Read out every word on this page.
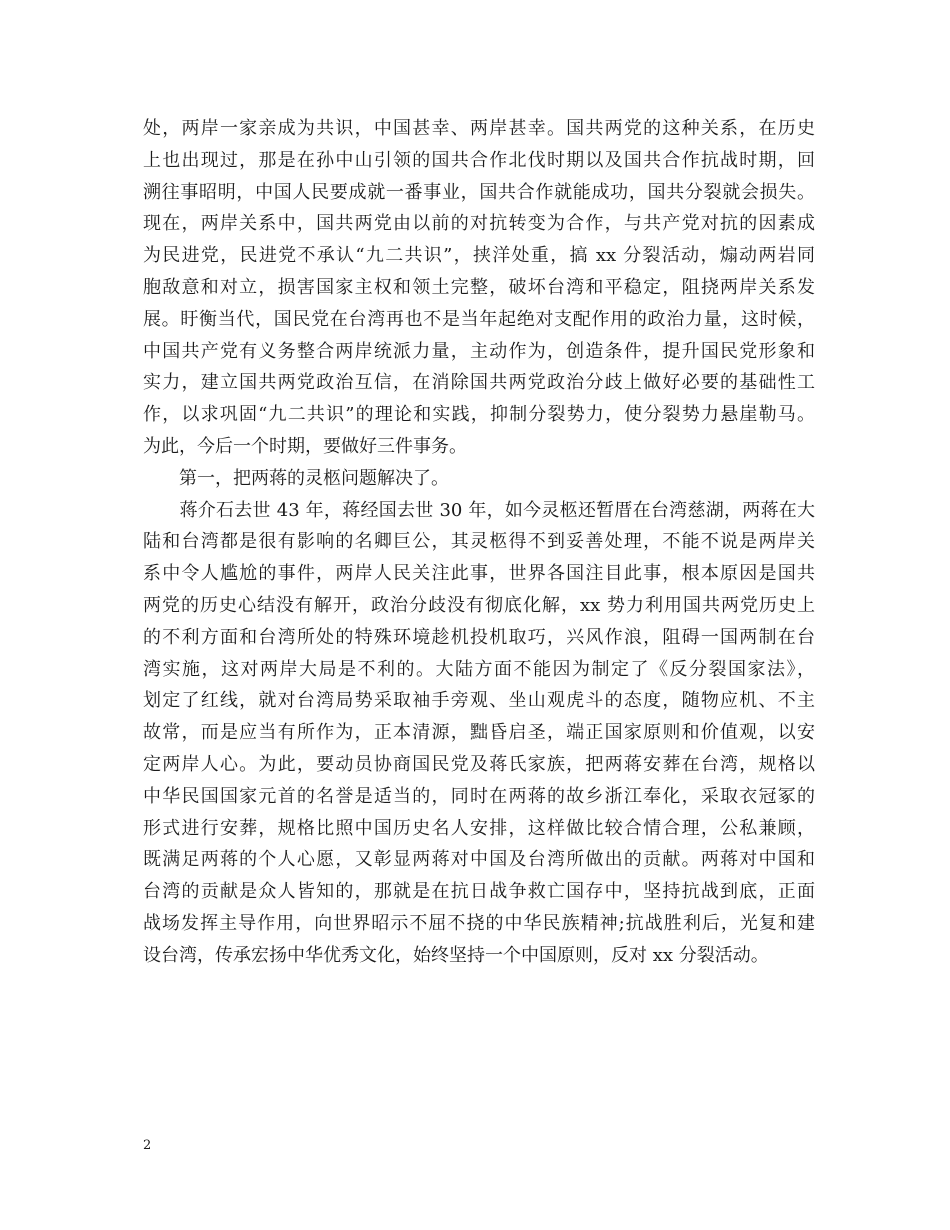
处，两岸一家亲成为共识，中国甚幸、两岸甚幸。国共两党的这种关系，在历史
上也出现过，那是在孙中山引领的国共合作北伐时期以及国共合作抗战时期，回
溯往事昭明，中国人民要成就一番事业，国共合作就能成功，国共分裂就会损失。
现在，两岸关系中，国共两党由以前的对抗转变为合作，与共产党对抗的因素成
为民进党，民进党不承认“九二共识”，挟洋处重，搞 xx 分裂活动，煽动两岩同
胞敌意和对立，损害国家主权和领土完整，破坏台湾和平稳定，阻挠两岸关系发
展。盱衡当代，国民党在台湾再也不是当年起绝对支配作用的政治力量，这时候，
中国共产党有义务整合两岸统派力量，主动作为，创造条件，提升国民党形象和
实力，建立国共两党政治互信，在消除国共两党政治分歧上做好必要的基础性工
作，以求巩固“九二共识”的理论和实践，抑制分裂势力，使分裂势力悬崖勒马。
为此，今后一个时期，要做好三件事务。
　　第一，把两蒋的灵柩问题解决了。
　　蒋介石去世 43 年，蒋经国去世 30 年，如今灵柩还暂厝在台湾慈湖，两蒋在大
陆和台湾都是很有影响的名卿巨公，其灵柩得不到妥善处理，不能不说是两岸关
系中令人尴尬的事件，两岸人民关注此事，世界各国注目此事，根本原因是国共
两党的历史心结没有解开，政治分歧没有彻底化解，xx 势力利用国共两党历史上
的不利方面和台湾所处的特殊环境趁机投机取巧，兴风作浪，阻碍一国两制在台
湾实施，这对两岸大局是不利的。大陆方面不能因为制定了《反分裂国家法》，
划定了红线，就对台湾局势采取袖手旁观、坐山观虎斗的态度，随物应机、不主
故常，而是应当有所作为，正本清源，黜昏启圣，端正国家原则和价值观，以安
定两岸人心。为此，要动员协商国民党及蒋氏家族，把两蒋安葬在台湾，规格以
中华民国国家元首的名誉是适当的，同时在两蒋的故乡浙江奉化，采取衣冠冢的
形式进行安葬，规格比照中国历史名人安排，这样做比较合情合理，公私兼顾，
既满足两蒋的个人心愿，又彰显两蒋对中国及台湾所做出的贡献。两蒋对中国和
台湾的贡献是众人皆知的，那就是在抗日战争救亡国存中，坚持抗战到底，正面
战场发挥主导作用，向世界昭示不屈不挠的中华民族精神;抗战胜利后，光复和建
设台湾，传承宏扬中华优秀文化，始终坚持一个中国原则，反对 xx 分裂活动。
2
